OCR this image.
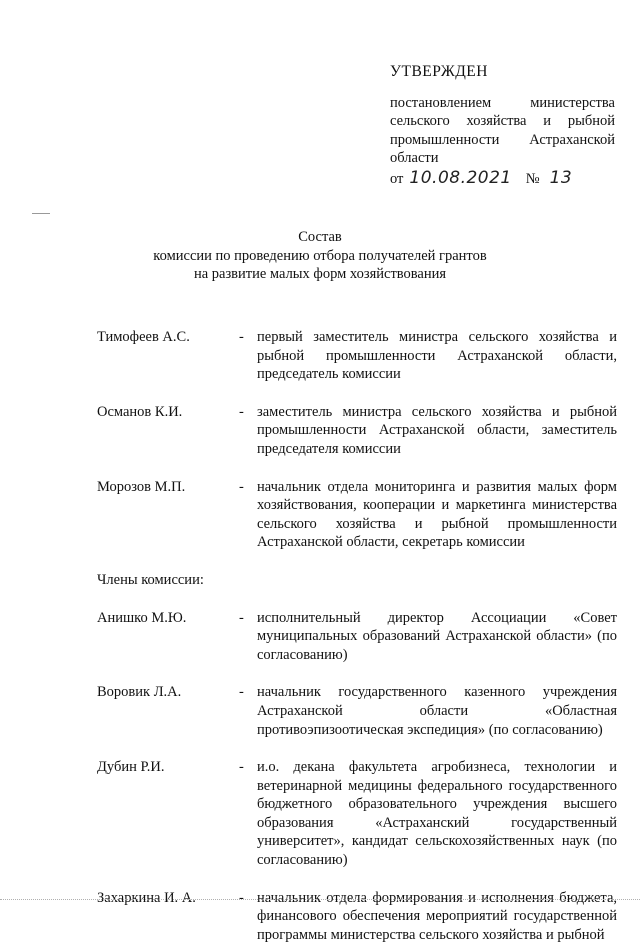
УТВЕРЖДЕН
постановлением министерства сельского хозяйства и рыбной промышленности Астраханской области
от 10.08.2021 № 13
Состав
комиссии по проведению отбора получателей грантов
на развитие малых форм хозяйствования
Тимофеев А.С.	- первый заместитель министра сельского хозяйства и рыбной промышленности Астраханской области, председатель комиссии
Османов К.И.	- заместитель министра сельского хозяйства и рыбной промышленности Астраханской области, заместитель председателя комиссии
Морозов М.П.	- начальник отдела мониторинга и развития малых форм хозяйствования, кооперации и маркетинга министерства сельского хозяйства и рыбной промышленности Астраханской области, секретарь комиссии
Члены комиссии:
Анишко М.Ю.	- исполнительный директор Ассоциации «Совет муниципальных образований Астраханской области» (по согласованию)
Воровик Л.А.	- начальник государственного казенного учреждения Астраханской области «Областная противоэпизоотическая экспедиция» (по согласованию)
Дубин Р.И.	- и.о. декана факультета агробизнеса, технологии и ветеринарной медицины федерального государственного бюджетного образовательного учреждения высшего образования «Астраханский государственный университет», кандидат сельскохозяйственных наук (по согласованию)
Захаркина И. А.	- начальник отдела формирования и исполнения бюджета, финансового обеспечения мероприятий государственной программы министерства сельского хозяйства и рыбной
